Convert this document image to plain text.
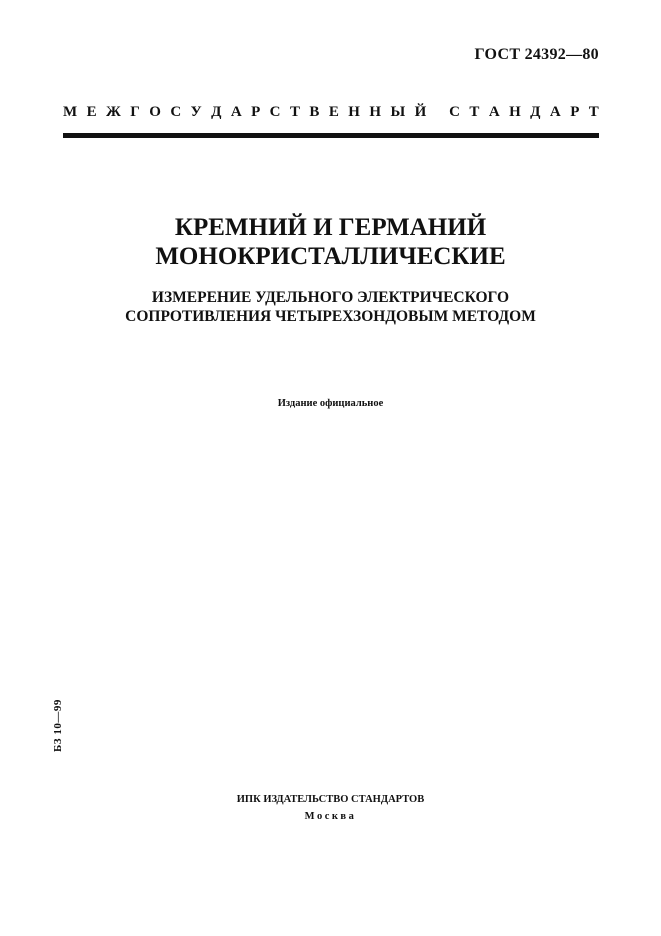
ГОСТ 24392—80
М Е Ж Г О С У Д А Р С Т В Е Н Н Ы Й С Т А Н Д А Р Т
КРЕМНИЙ И ГЕРМАНИЙ
МОНОКРИСТАЛЛИЧЕСКИЕ
ИЗМЕРЕНИЕ УДЕЛЬНОГО ЭЛЕКТРИЧЕСКОГО
СОПРОТИВЛЕНИЯ ЧЕТЫРЕХЗОНДОВЫМ МЕТОДОМ
Издание официальное
БЗ 10—99
ИПК ИЗДАТЕЛЬСТВО СТАНДАРТОВ
Москва
